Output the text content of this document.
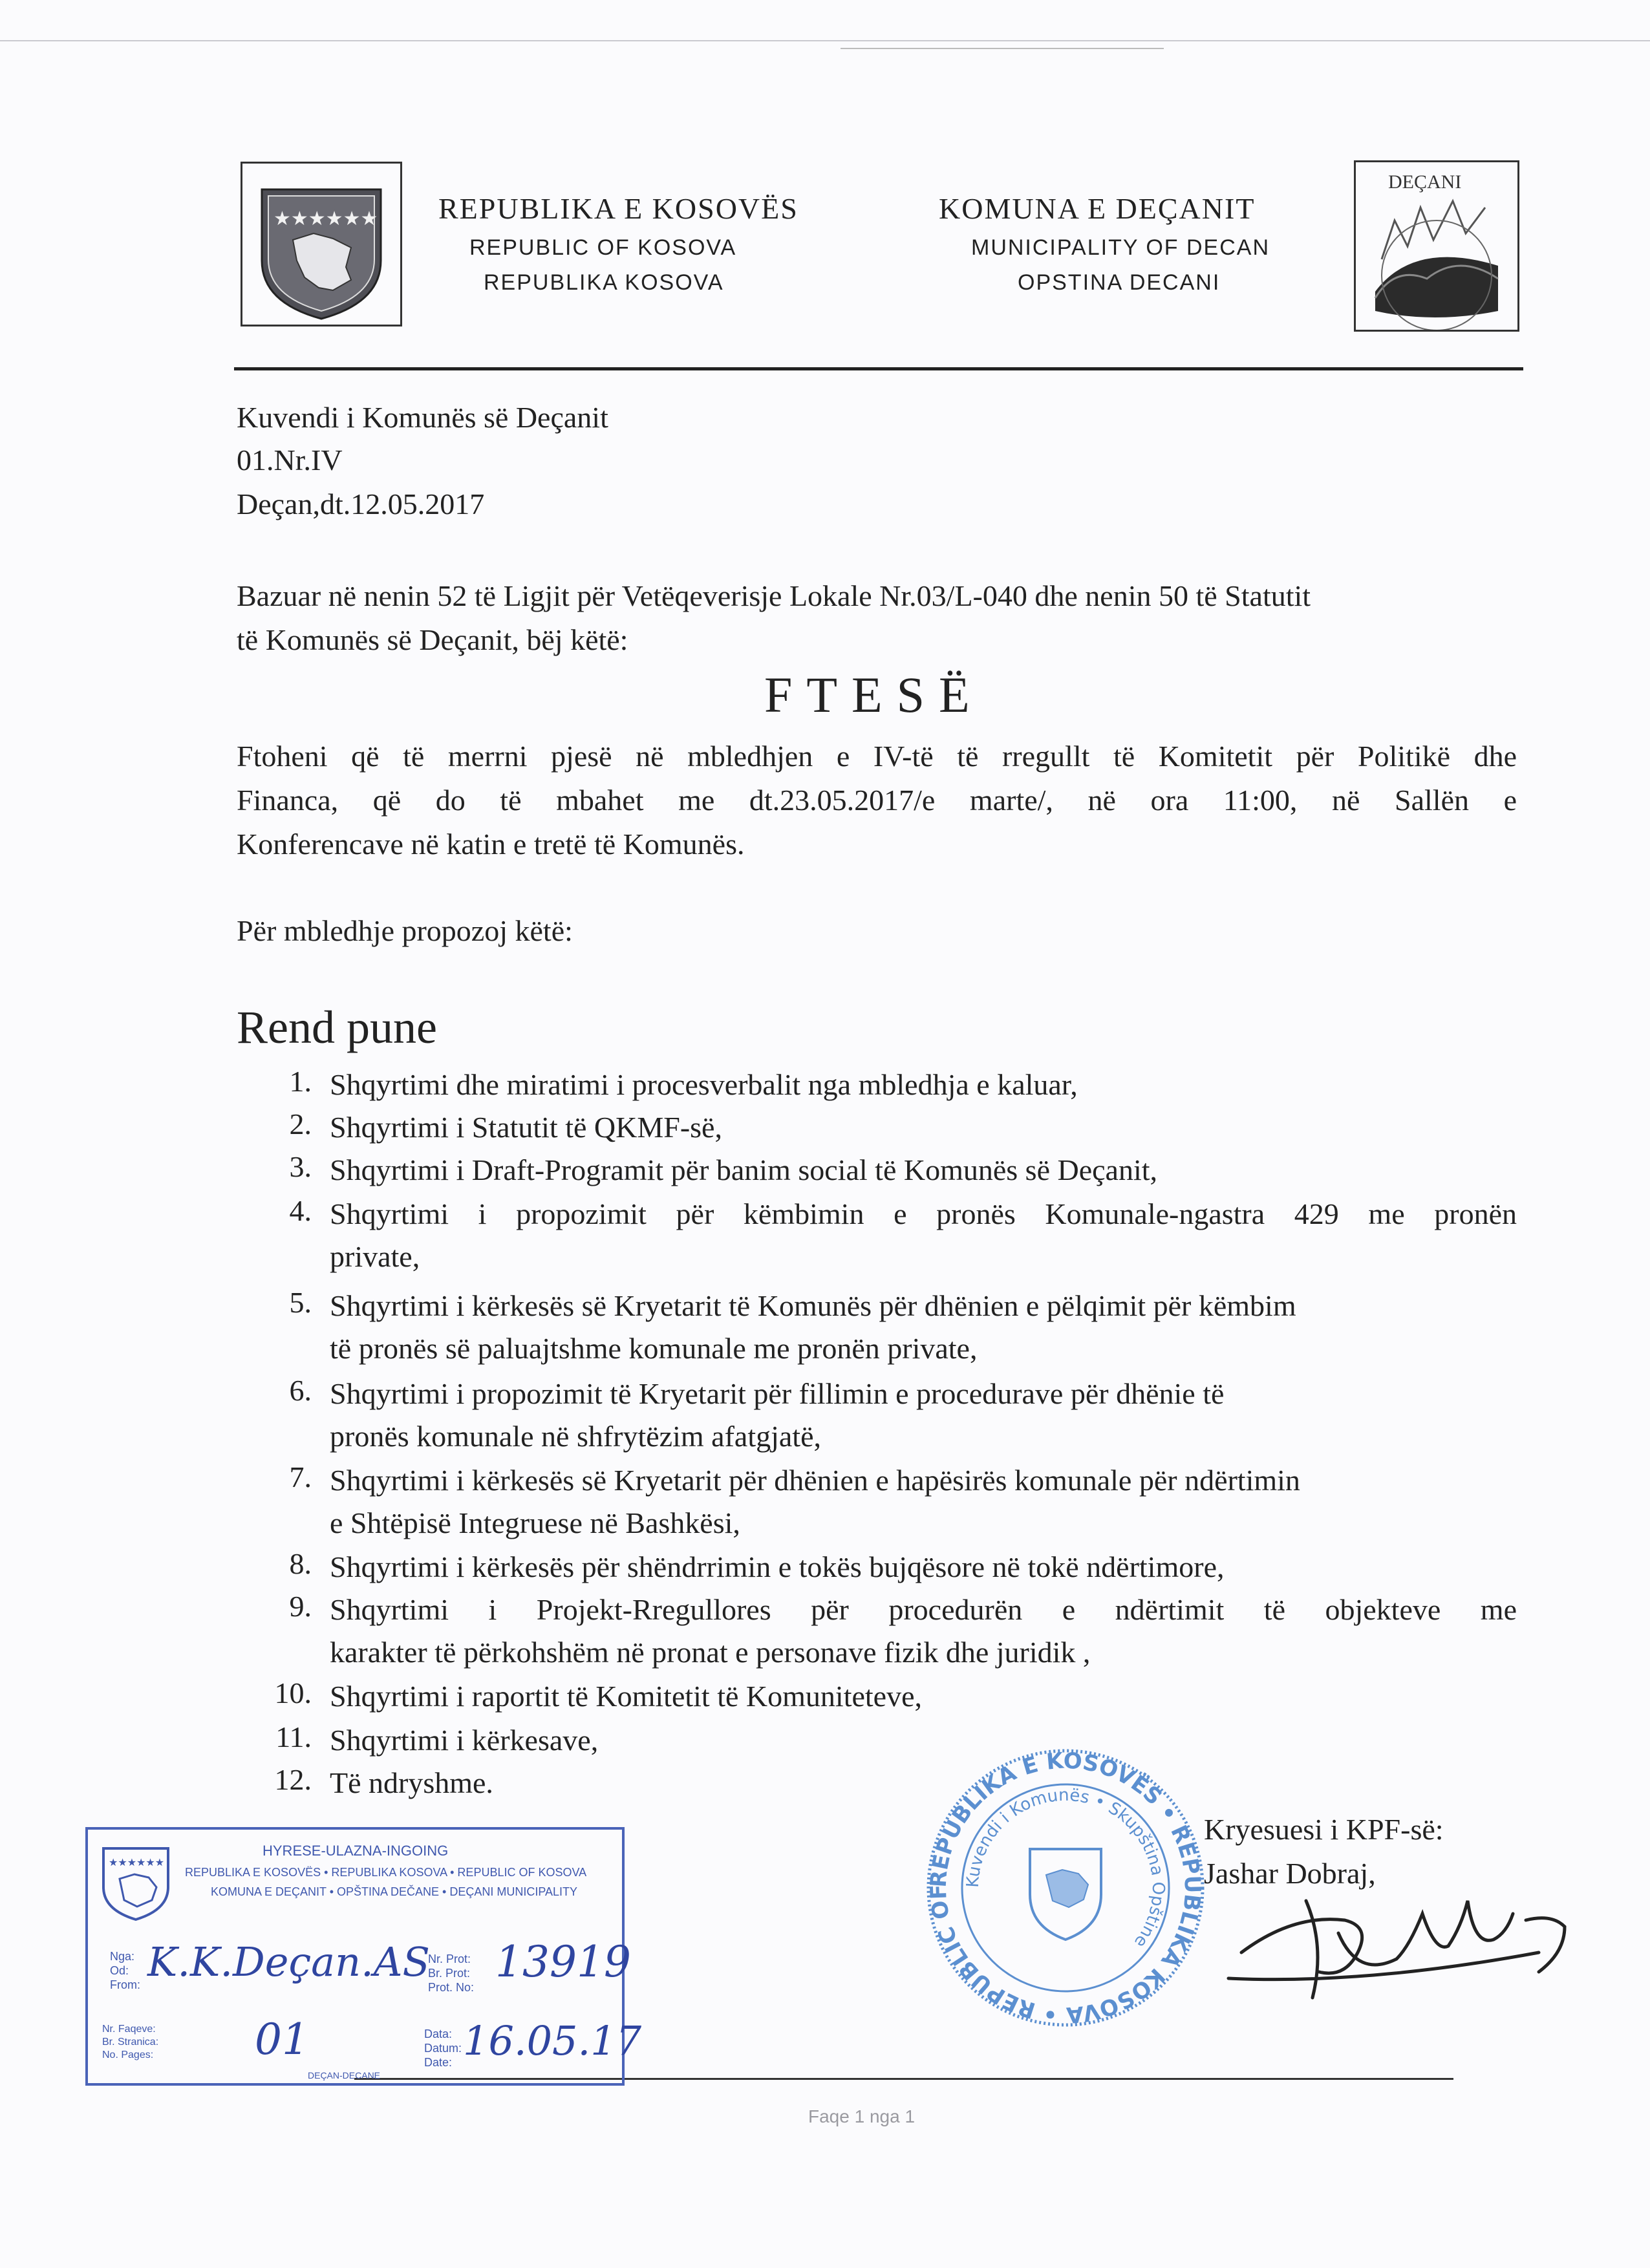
★★★★★★ REPUBLIKA E KOSOVËS
REPUBLIC OF KOSOVA
REPUBLIKA KOSOVA
KOMUNA E DEÇANIT
MUNICIPALITY OF DECAN
OPSTINA DECANI
DEÇANI
Kuvendi i Komunës së Deçanit
01.Nr.IV
Deçan,dt.12.05.2017
Bazuar në nenin 52 të Ligjit për Vetëqeverisje Lokale Nr.03/L-040 dhe nenin 50 të Statutit
të Komunës së Deçanit, bëj këtë:
FTESË
Ftoheni që të merrni pjesë në mbledhjen e IV-të të rregullt të Komitetit për Politikë dhe
Financa, që do të mbahet me dt.23.05.2017/e marte/, në ora 11:00, në Sallën e
Konferencave në katin e tretë të Komunës.
Për mbledhje propozoj këtë:
Rend pune
1. Shqyrtimi dhe miratimi i procesverbalit nga mbledhja e kaluar,
2. Shqyrtimi i Statutit të QKMF-së,
3. Shqyrtimi i Draft-Programit për banim social të Komunës së Deçanit,
4. Shqyrtimi i propozimit për këmbimin e pronës Komunale-ngastra 429 me pronën
private,
5. Shqyrtimi i kërkesës së Kryetarit të Komunës për dhënien e pëlqimit për këmbim
të pronës së paluajtshme komunale me pronën private,
6. Shqyrtimi i propozimit të Kryetarit për fillimin e procedurave për dhënie të
pronës komunale në shfrytëzim afatgjatë,
7. Shqyrtimi i kërkesës së Kryetarit për dhënien e hapësirës komunale për ndërtimin
e Shtëpisë Integruese në Bashkësi,
8. Shqyrtimi i kërkesës për shëndrrimin e tokës bujqësore në tokë ndërtimore,
9. Shqyrtimi i Projekt-Rregullores për procedurën e ndërtimit të objekteve me
karakter të përkohshëm në pronat e personave fizik dhe juridik ,
10. Shqyrtimi i raportit të Komitetit të Komuniteteve,
11. Shqyrtimi i kërkesave,
12. Të ndryshme.
REPUBLIKA E KOSOVËS • REPUBLIKA KOSOVA • REPUBLIC OF
Kuvendi i Komunës • Skupština Opštine
Kryesuesi i KPF-së:
Jashar Dobraj,
★★★★★★
HYRESE-ULAZNA-INGOING
REPUBLIKA E KOSOVËS • REPUBLIKA KOSOVA • REPUBLIC OF KOSOVA
KOMUNA E DEÇANIT • OPŠTINA DEČANE • DEÇANI MUNICIPALITY
Nga:
Od:
From: K.K.Deçan.AS
Nr. Prot:
Br. Prot:
Prot. No:
13919
Nr. Faqeve:
Br. Stranica:
No. Pages: 01	Data:
Datum:
Date: 16.05.17
DEÇAN-DECANE
Faqe 1 nga 1
